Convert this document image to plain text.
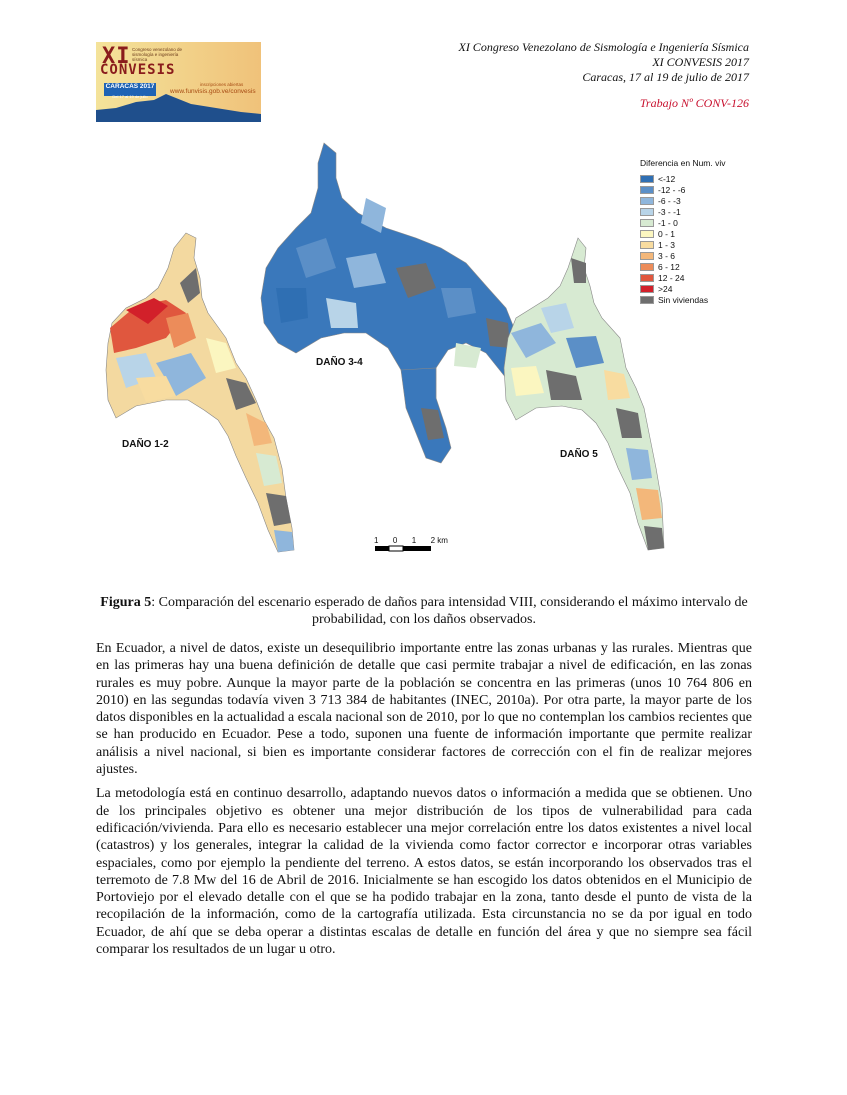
XI Congreso venezolano de sismología e ingeniería sísmica
CONVESIS
CARACAS 2017
Del 17 al 19 de julio
inscripciones abiertas
www.funvisis.gob.ve/convesis
XI Congreso Venezolano de Sismología e Ingeniería Sísmica
XI CONVESIS 2017
Caracas, 17 al 19 de julio de 2017
Trabajo Nº CONV-126
DAÑO 1-2
DAÑO 3-4
DAÑO 5
Diferencia en Num. viv
<-12
-12 - -6
-6 - -3
-3 - -1
-1 - 0
0 - 1
1 - 3
3 - 6
6 - 12
12 - 24
>24
Sin viviendas
1 0 1 2 km
Figura 5: Comparación del escenario esperado de daños para intensidad VIII, considerando el máximo intervalo de probabilidad, con los daños observados.

En Ecuador, a nivel de datos, existe un desequilibrio importante entre las zonas urbanas y las rurales. Mientras que en las primeras hay una buena definición de detalle que casi permite trabajar a nivel de edificación, en las zonas rurales es muy pobre. Aunque la mayor parte de la población se concentra en las primeras (unos 10 764 806 en 2010) en las segundas todavía viven 3 713 384 de habitantes (INEC, 2010a). Por otra parte, la mayor parte de los datos disponibles en la actualidad a escala nacional son de 2010, por lo que no contemplan los cambios recientes que se han producido en Ecuador. Pese a todo, suponen una fuente de información importante que permite realizar análisis a nivel nacional, si bien es importante considerar factores de corrección con el fin de realizar mejores ajustes.

La metodología está en continuo desarrollo, adaptando nuevos datos o información a medida que se obtienen. Uno de los principales objetivo es obtener una mejor distribución de los tipos de vulnerabilidad para cada edificación/vivienda. Para ello es necesario establecer una mejor correlación entre los datos existentes a nivel local (catastros) y los generales, integrar la calidad de la vivienda como factor corrector e incorporar otras variables espaciales, como por ejemplo la pendiente del terreno. A estos datos, se están incorporando los observados tras el terremoto de 7.8 Mw del 16 de Abril de 2016. Inicialmente se han escogido los datos obtenidos en el Municipio de Portoviejo por el elevado detalle con el que se ha podido trabajar en la zona, tanto desde el punto de vista de la recopilación de la información, como de la cartografía utilizada. Esta circunstancia no se da por igual en todo Ecuador, de ahí que se deba operar a distintas escalas de detalle en función del área y que no siempre sea fácil comparar los resultados de un lugar u otro.
